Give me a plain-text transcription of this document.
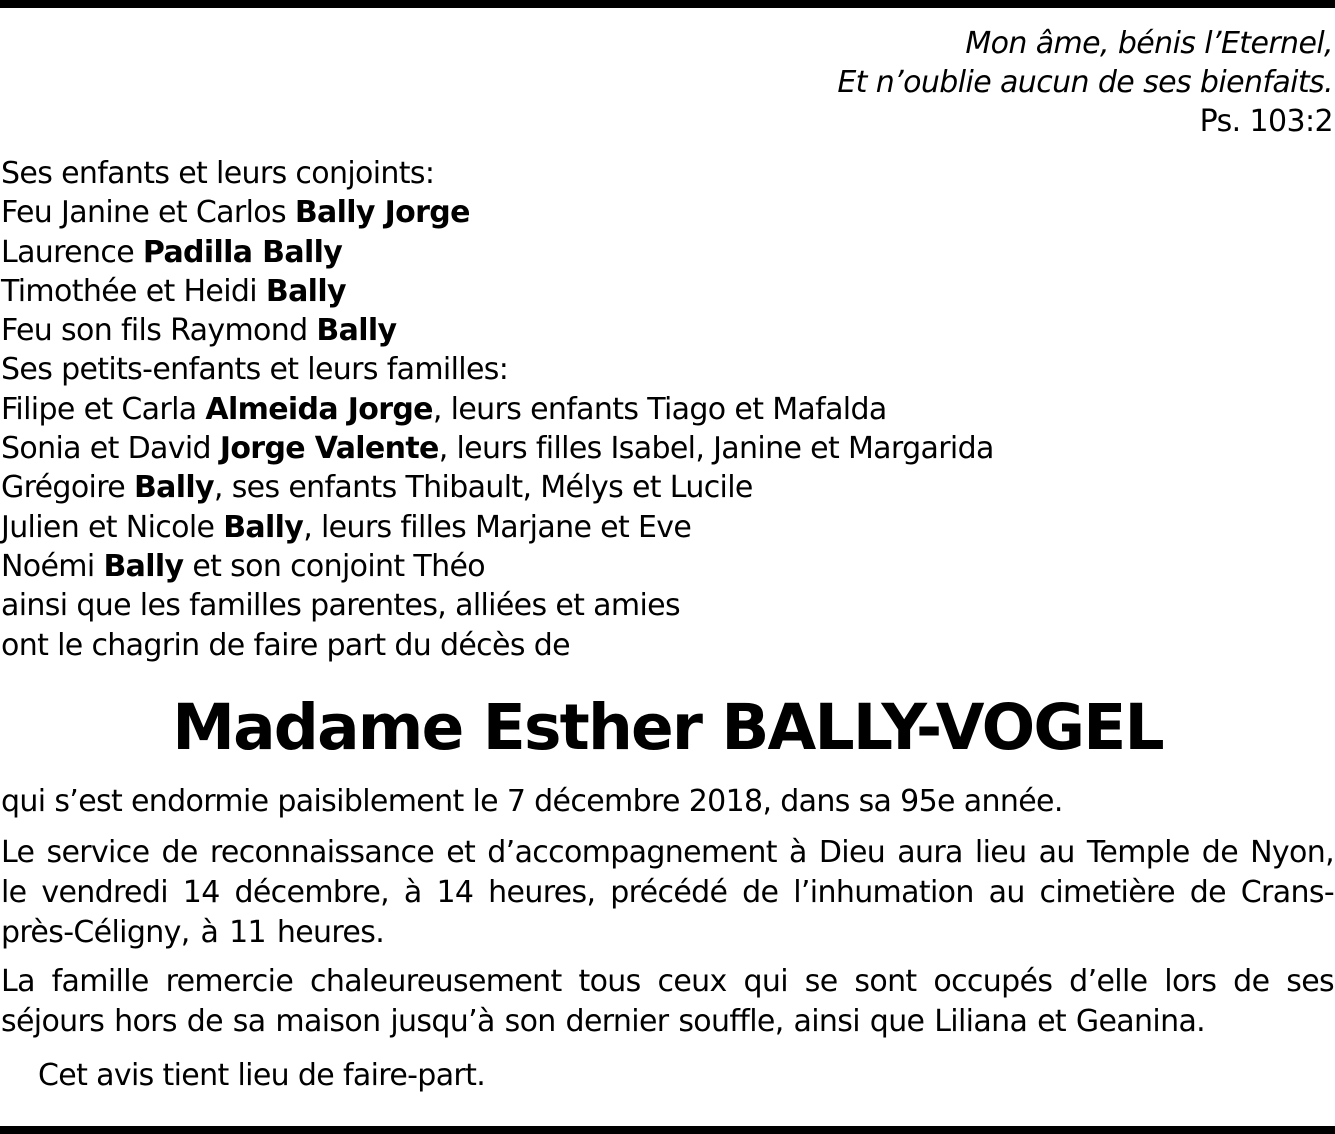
Mon âme, bénis l’Eternel,
Et n’oublie aucun de ses bienfaits.
Ps. 103:2
Ses enfants et leurs conjoints:
Feu Janine et Carlos Bally Jorge
Laurence Padilla Bally
Timothée et Heidi Bally
Feu son fils Raymond Bally
Ses petits-enfants et leurs familles:
Filipe et Carla Almeida Jorge, leurs enfants Tiago et Mafalda
Sonia et David Jorge Valente, leurs filles Isabel, Janine et Margarida
Grégoire Bally, ses enfants Thibault, Mélys et Lucile
Julien et Nicole Bally, leurs filles Marjane et Eve
Noémi Bally et son conjoint Théo
ainsi que les familles parentes, alliées et amies
ont le chagrin de faire part du décès de
Madame Esther BALLY-VOGEL
qui s’est endormie paisiblement le 7 décembre 2018, dans sa 95e année.
Le service de reconnaissance et d’accompagnement à Dieu aura lieu au Temple de Nyon, le vendredi 14 décembre, à 14 heures, précédé de l’inhumation au cimetière de Crans-près-Céligny, à 11 heures.
La famille remercie chaleureusement tous ceux qui se sont occupés d’elle lors de ses séjours hors de sa maison jusqu’à son dernier souffle, ainsi que Liliana et Geanina.
Cet avis tient lieu de faire-part.
